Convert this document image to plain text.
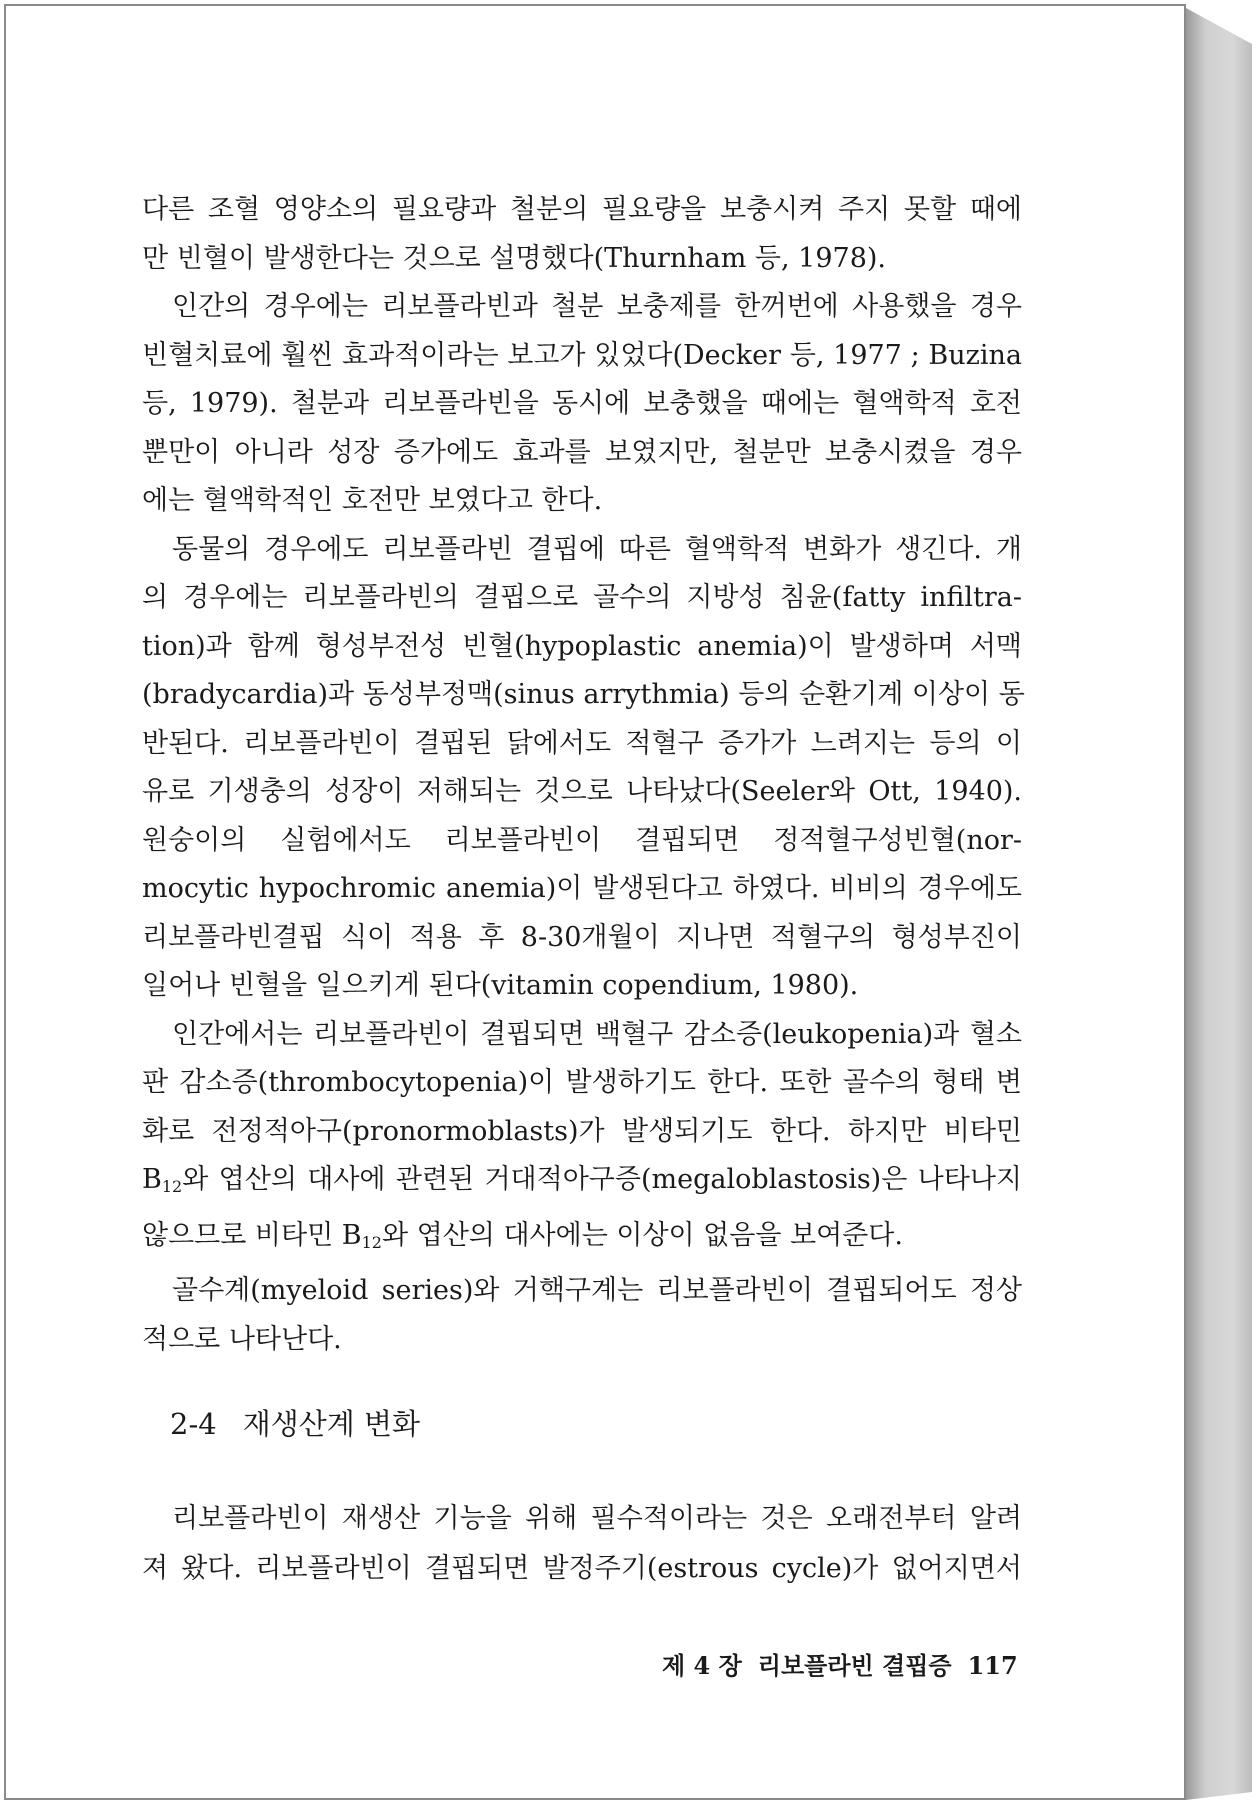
다른 조혈 영양소의 필요량과 철분의 필요량을 보충시켜 주지 못할 때에
만 빈혈이 발생한다는 것으로 설명했다(Thurnham 등, 1978).
인간의 경우에는 리보플라빈과 철분 보충제를 한꺼번에 사용했을 경우
빈혈치료에 훨씬 효과적이라는 보고가 있었다(Decker 등, 1977 ; Buzina
등, 1979). 철분과 리보플라빈을 동시에 보충했을 때에는 혈액학적 호전
뿐만이 아니라 성장 증가에도 효과를 보였지만, 철분만 보충시켰을 경우
에는 혈액학적인 호전만 보였다고 한다.
동물의 경우에도 리보플라빈 결핍에 따른 혈액학적 변화가 생긴다. 개
의 경우에는 리보플라빈의 결핍으로 골수의 지방성 침윤(fatty infiltra-
tion)과 함께 형성부전성 빈혈(hypoplastic anemia)이 발생하며 서맥
(bradycardia)과 동성부정맥(sinus arrythmia) 등의 순환기계 이상이 동
반된다. 리보플라빈이 결핍된 닭에서도 적혈구 증가가 느려지는 등의 이
유로 기생충의 성장이 저해되는 것으로 나타났다(Seeler와 Ott, 1940).
원숭이의 실험에서도 리보플라빈이 결핍되면 정적혈구성빈혈(nor-
mocytic hypochromic anemia)이 발생된다고 하였다. 비비의 경우에도
리보플라빈결핍 식이 적용 후 8-30개월이 지나면 적혈구의 형성부진이
일어나 빈혈을 일으키게 된다(vitamin copendium, 1980).
인간에서는 리보플라빈이 결핍되면 백혈구 감소증(leukopenia)과 혈소
판 감소증(thrombocytopenia)이 발생하기도 한다. 또한 골수의 형태 변
화로 전정적아구(pronormoblasts)가 발생되기도 한다. 하지만 비타민
$B_{12}$와 엽산의 대사에 관련된 거대적아구증(megaloblastosis)은 나타나지
않으므로 비타민 $B_{12}$와 엽산의 대사에는 이상이 없음을 보여준다.
골수계(myeloid series)와 거핵구계는 리보플라빈이 결핍되어도 정상
적으로 나타난다.
2-4 재생산계 변화
리보플라빈이 재생산 기능을 위해 필수적이라는 것은 오래전부터 알려
져 왔다. 리보플라빈이 결핍되면 발정주기(estrous cycle)가 없어지면서
제 4 장 리보플라빈 결핍증 117
